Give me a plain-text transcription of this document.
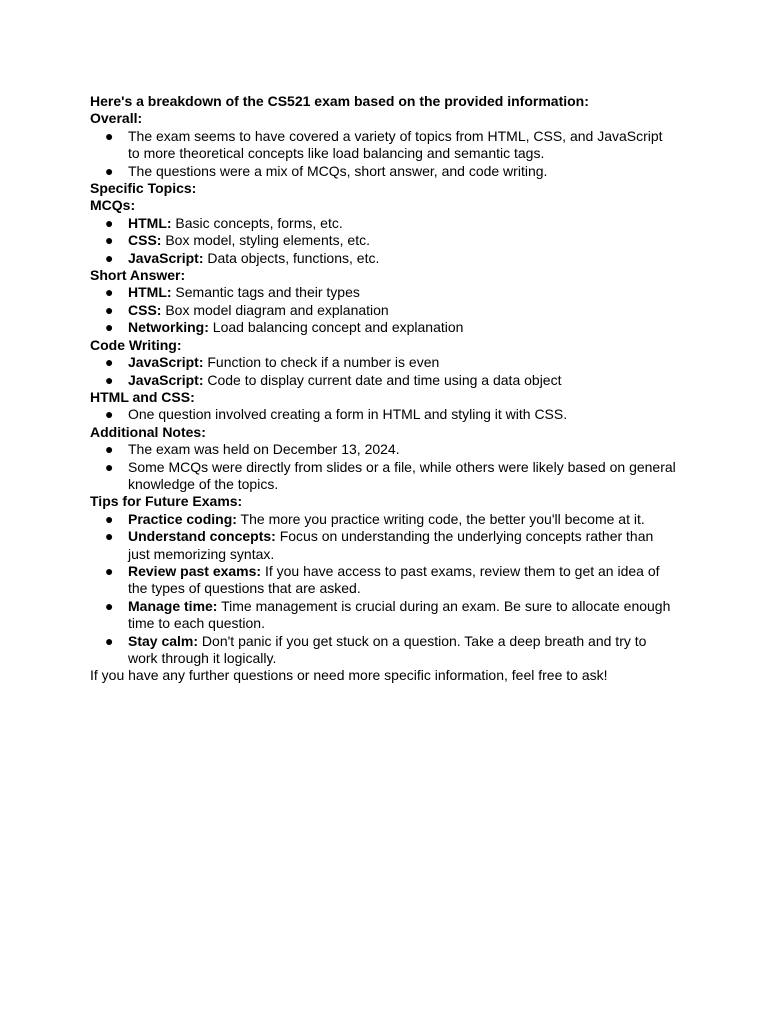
Here's a breakdown of the CS521 exam based on the provided information:

Overall:

● The exam seems to have covered a variety of topics from HTML, CSS, and JavaScript to more theoretical concepts like load balancing and semantic tags.
● The questions were a mix of MCQs, short answer, and code writing.

Specific Topics:

MCQs:

● HTML: Basic concepts, forms, etc.
● CSS: Box model, styling elements, etc.
● JavaScript: Data objects, functions, etc.

Short Answer:

● HTML: Semantic tags and their types
● CSS: Box model diagram and explanation
● Networking: Load balancing concept and explanation

Code Writing:

● JavaScript: Function to check if a number is even
● JavaScript: Code to display current date and time using a data object

HTML and CSS:

● One question involved creating a form in HTML and styling it with CSS.

Additional Notes:

● The exam was held on December 13, 2024.
● Some MCQs were directly from slides or a file, while others were likely based on general knowledge of the topics.

Tips for Future Exams:

● Practice coding: The more you practice writing code, the better you'll become at it.
● Understand concepts: Focus on understanding the underlying concepts rather than just memorizing syntax.
● Review past exams: If you have access to past exams, review them to get an idea of the types of questions that are asked.
● Manage time: Time management is crucial during an exam. Be sure to allocate enough time to each question.
● Stay calm: Don't panic if you get stuck on a question. Take a deep breath and try to work through it logically.

If you have any further questions or need more specific information, feel free to ask!
